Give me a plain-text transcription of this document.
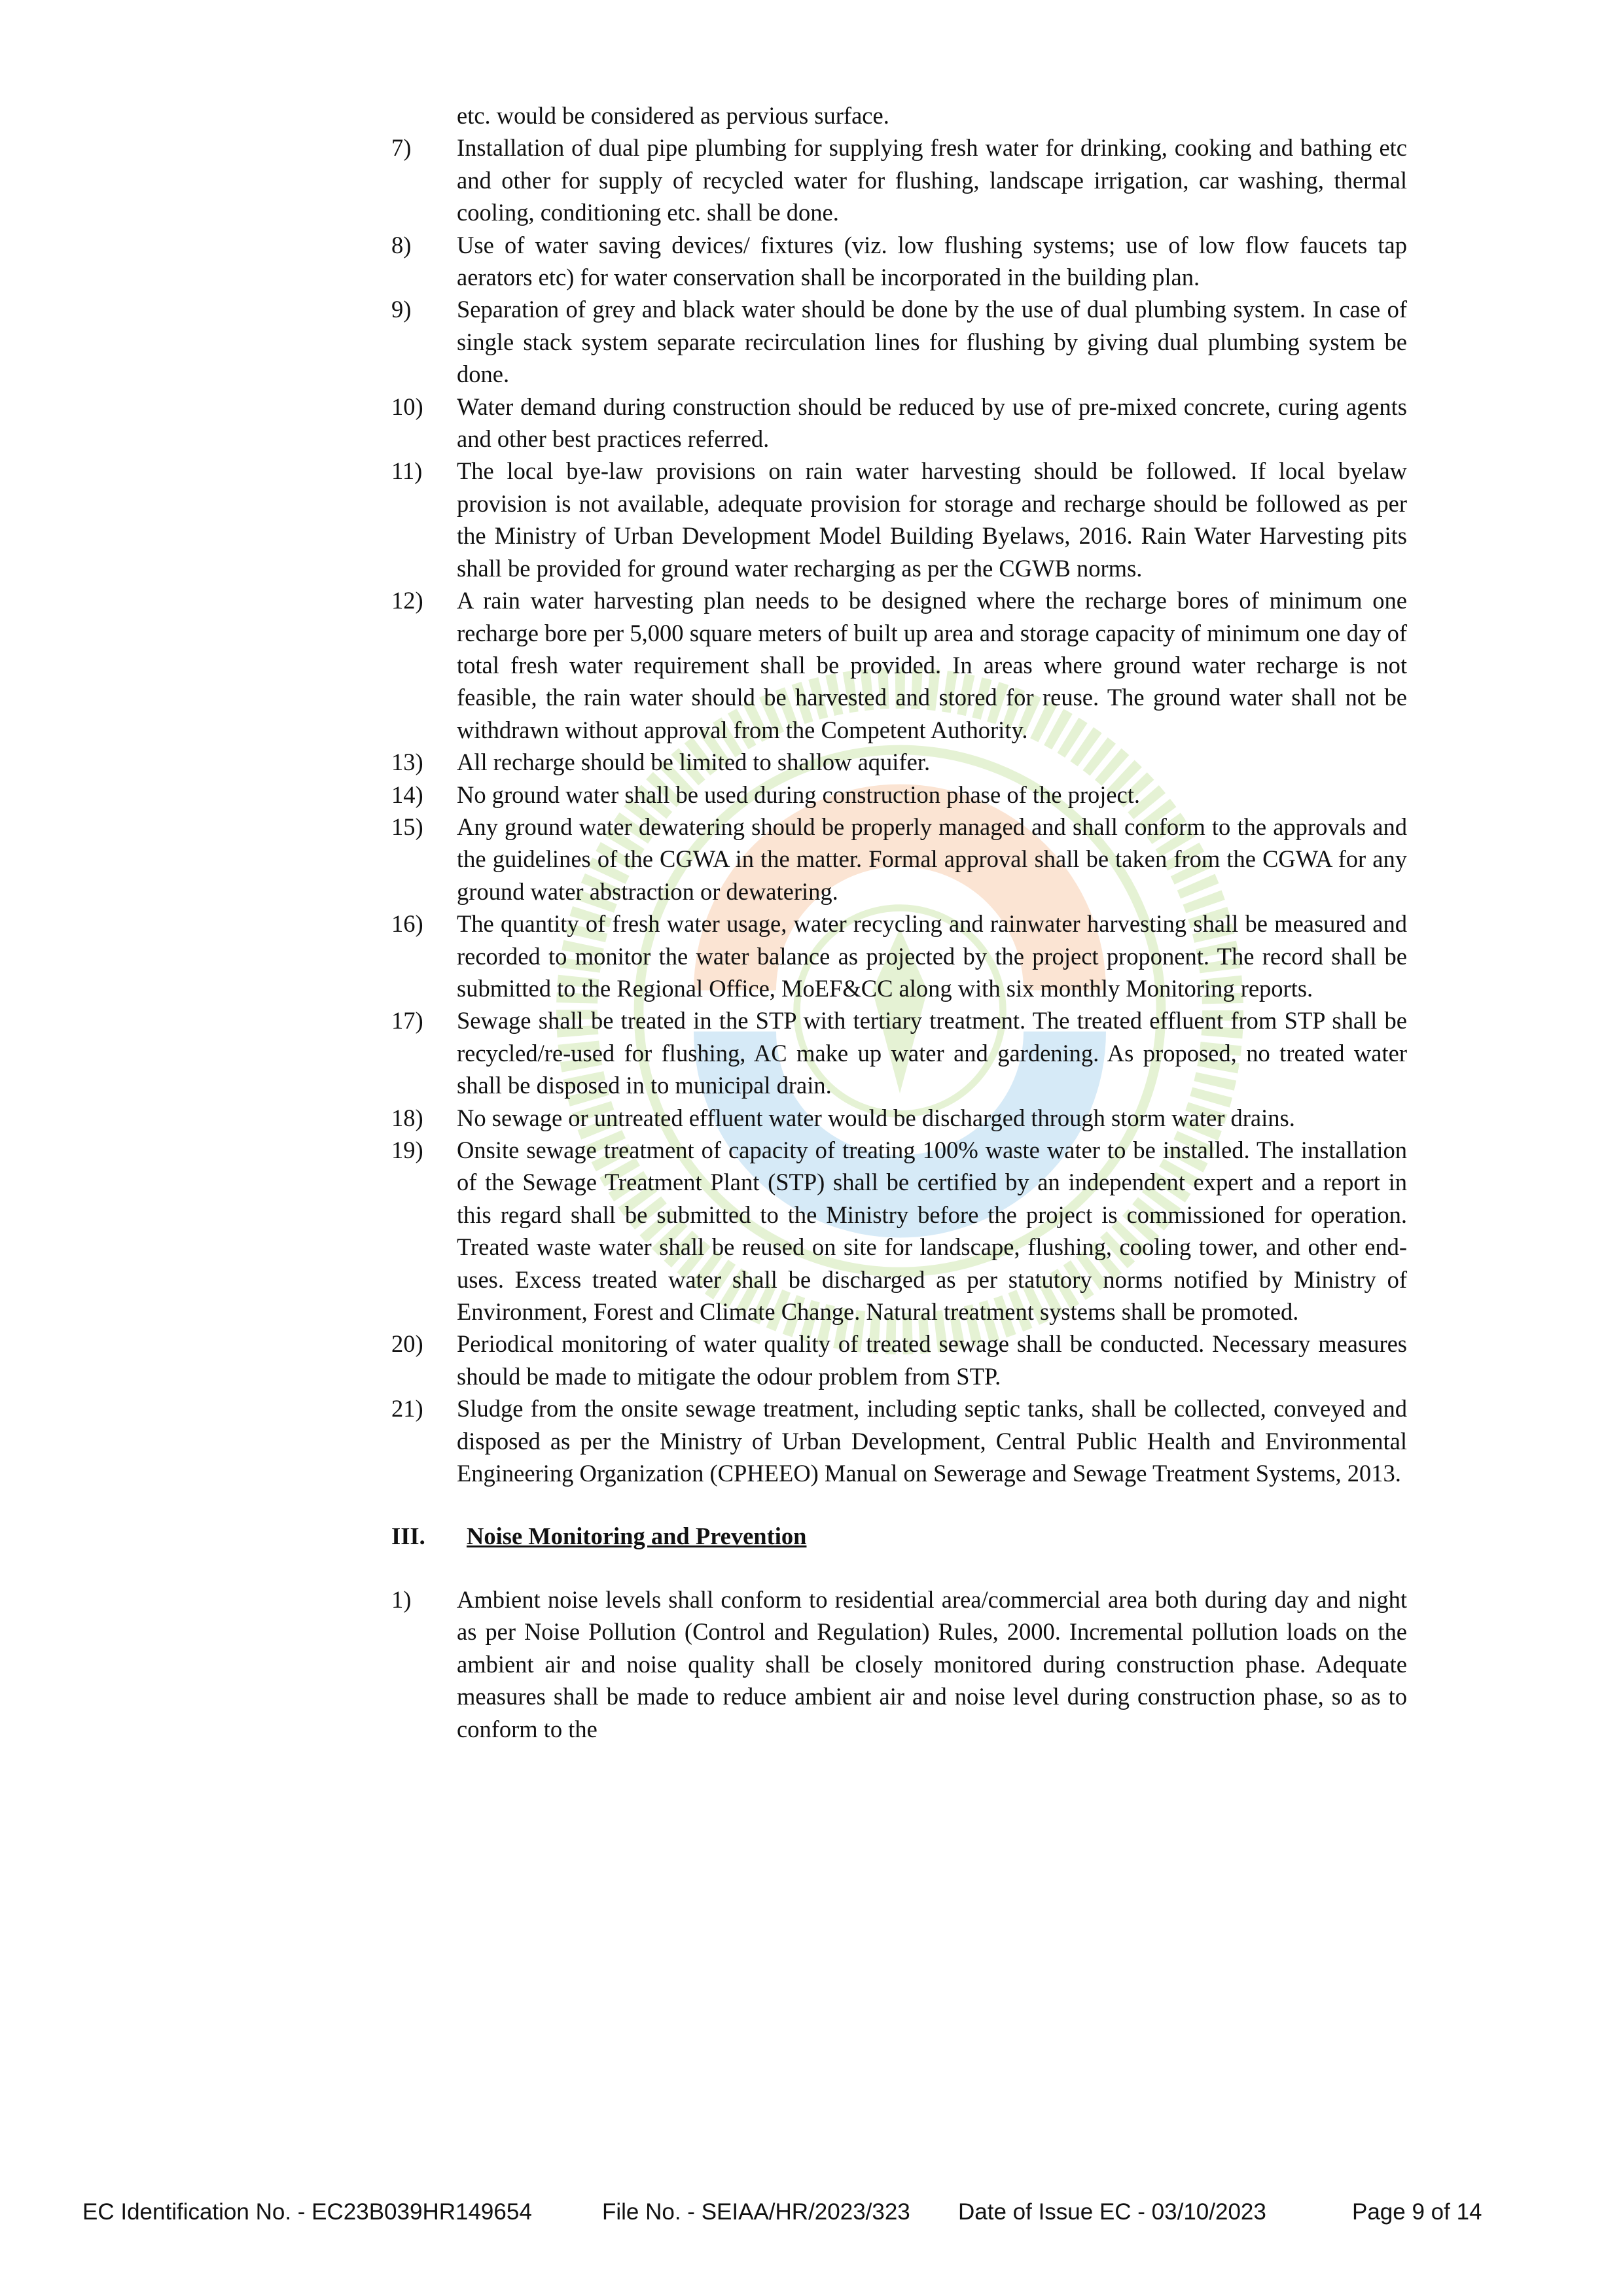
etc. would be considered as pervious surface.

7)	Installation of dual pipe plumbing for supplying fresh water for drinking, cooking and bathing etc and other for supply of recycled water for flushing, landscape irrigation, car washing, thermal cooling, conditioning etc. shall be done.
8)	Use of water saving devices/ fixtures (viz. low flushing systems; use of low flow faucets tap aerators etc) for water conservation shall be incorporated in the building plan.
9)	Separation of grey and black water should be done by the use of dual plumbing system. In case of single stack system separate recirculation lines for flushing by giving dual plumbing system be done.
10)	Water demand during construction should be reduced by use of pre-mixed concrete, curing agents and other best practices referred.
11)	The local bye-law provisions on rain water harvesting should be followed. If local byelaw provision is not available, adequate provision for storage and recharge should be followed as per the Ministry of Urban Development Model Building Byelaws, 2016. Rain Water Harvesting pits shall be provided for ground water recharging as per the CGWB norms.
12)	A rain water harvesting plan needs to be designed where the recharge bores of minimum one recharge bore per 5,000 square meters of built up area and storage capacity of minimum one day of total fresh water requirement shall be provided. In areas where ground water recharge is not feasible, the rain water should be harvested and stored for reuse. The ground water shall not be withdrawn without approval from the Competent Authority.
13)	All recharge should be limited to shallow aquifer.
14)	No ground water shall be used during construction phase of the project.
15)	Any ground water dewatering should be properly managed and shall conform to the approvals and the guidelines of the CGWA in the matter. Formal approval shall be taken from the CGWA for any ground water abstraction or dewatering.
16)	The quantity of fresh water usage, water recycling and rainwater harvesting shall be measured and recorded to monitor the water balance as projected by the project proponent. The record shall be submitted to the Regional Office, MoEF&CC along with six monthly Monitoring reports.
17)	Sewage shall be treated in the STP with tertiary treatment. The treated effluent from STP shall be recycled/re-used for flushing, AC make up water and gardening. As proposed, no treated water shall be disposed in to municipal drain.
18)	No sewage or untreated effluent water would be discharged through storm water drains.
19)	Onsite sewage treatment of capacity of treating 100% waste water to be installed. The installation of the Sewage Treatment Plant (STP) shall be certified by an independent expert and a report in this regard shall be submitted to the Ministry before the project is commissioned for operation. Treated waste water shall be reused on site for landscape, flushing, cooling tower, and other end-uses. Excess treated water shall be discharged as per statutory norms notified by Ministry of Environment, Forest and Climate Change. Natural treatment systems shall be promoted.
20)	Periodical monitoring of water quality of treated sewage shall be conducted. Necessary measures should be made to mitigate the odour problem from STP.
21)	Sludge from the onsite sewage treatment, including septic tanks, shall be collected, conveyed and disposed as per the Ministry of Urban Development, Central Public Health and Environmental Engineering Organization (CPHEEO) Manual on Sewerage and Sewage Treatment Systems, 2013.
III.	Noise Monitoring and Prevention
1)	Ambient noise levels shall conform to residential area/commercial area both during day and night as per Noise Pollution (Control and Regulation) Rules, 2000. Incremental pollution loads on the ambient air and noise quality shall be closely monitored during construction phase. Adequate measures shall be made to reduce ambient air and noise level during construction phase, so as to conform to the
EC Identification No. - EC23B039HR149654	File No. - SEIAA/HR/2023/323 Date of Issue EC - 03/10/2023	Page 9 of 14
